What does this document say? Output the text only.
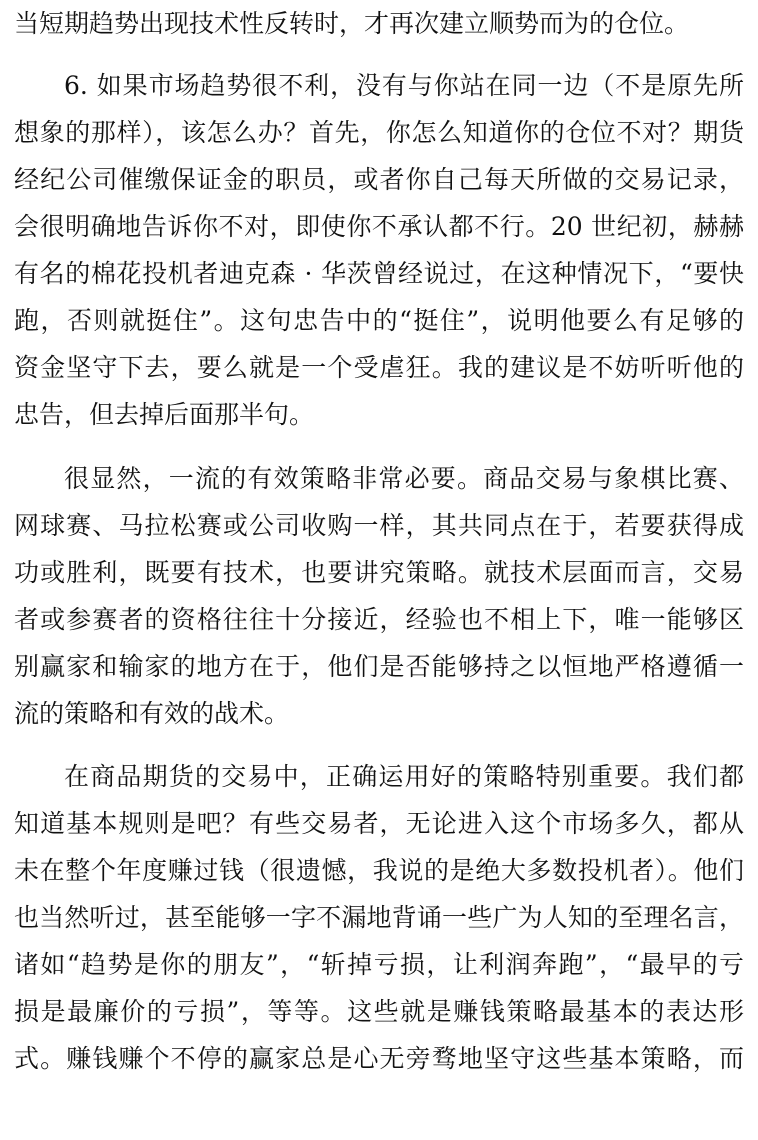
当短期趋势出现技术性反转时，才再次建立顺势而为的仓位。
6. 如果市场趋势很不利，没有与你站在同一边（不是原先所
想象的那样），该怎么办？首先，你怎么知道你的仓位不对？期货
经纪公司催缴保证金的职员，或者你自己每天所做的交易记录，
会很明确地告诉你不对，即使你不承认都不行。20 世纪初，赫赫
有名的棉花投机者迪克森 · 华茨曾经说过，在这种情况下，“要快
跑，否则就挺住”。这句忠告中的“挺住”，说明他要么有足够的
资金坚守下去，要么就是一个受虐狂。我的建议是不妨听听他的
忠告，但去掉后面那半句。
很显然，一流的有效策略非常必要。商品交易与象棋比赛、
网球赛、马拉松赛或公司收购一样，其共同点在于，若要获得成
功或胜利，既要有技术，也要讲究策略。就技术层面而言，交易
者或参赛者的资格往往十分接近，经验也不相上下，唯一能够区
别赢家和输家的地方在于，他们是否能够持之以恒地严格遵循一
流的策略和有效的战术。
在商品期货的交易中，正确运用好的策略特别重要。我们都
知道基本规则是吧？有些交易者，无论进入这个市场多久，都从
未在整个年度赚过钱（很遗憾，我说的是绝大多数投机者）。他们
也当然听过，甚至能够一字不漏地背诵一些广为人知的至理名言，
诸如“趋势是你的朋友”，“斩掉亏损，让利润奔跑”，“最早的亏
损是最廉价的亏损”，等等。这些就是赚钱策略最基本的表达形
式。赚钱赚个不停的赢家总是心无旁骛地坚守这些基本策略，而
